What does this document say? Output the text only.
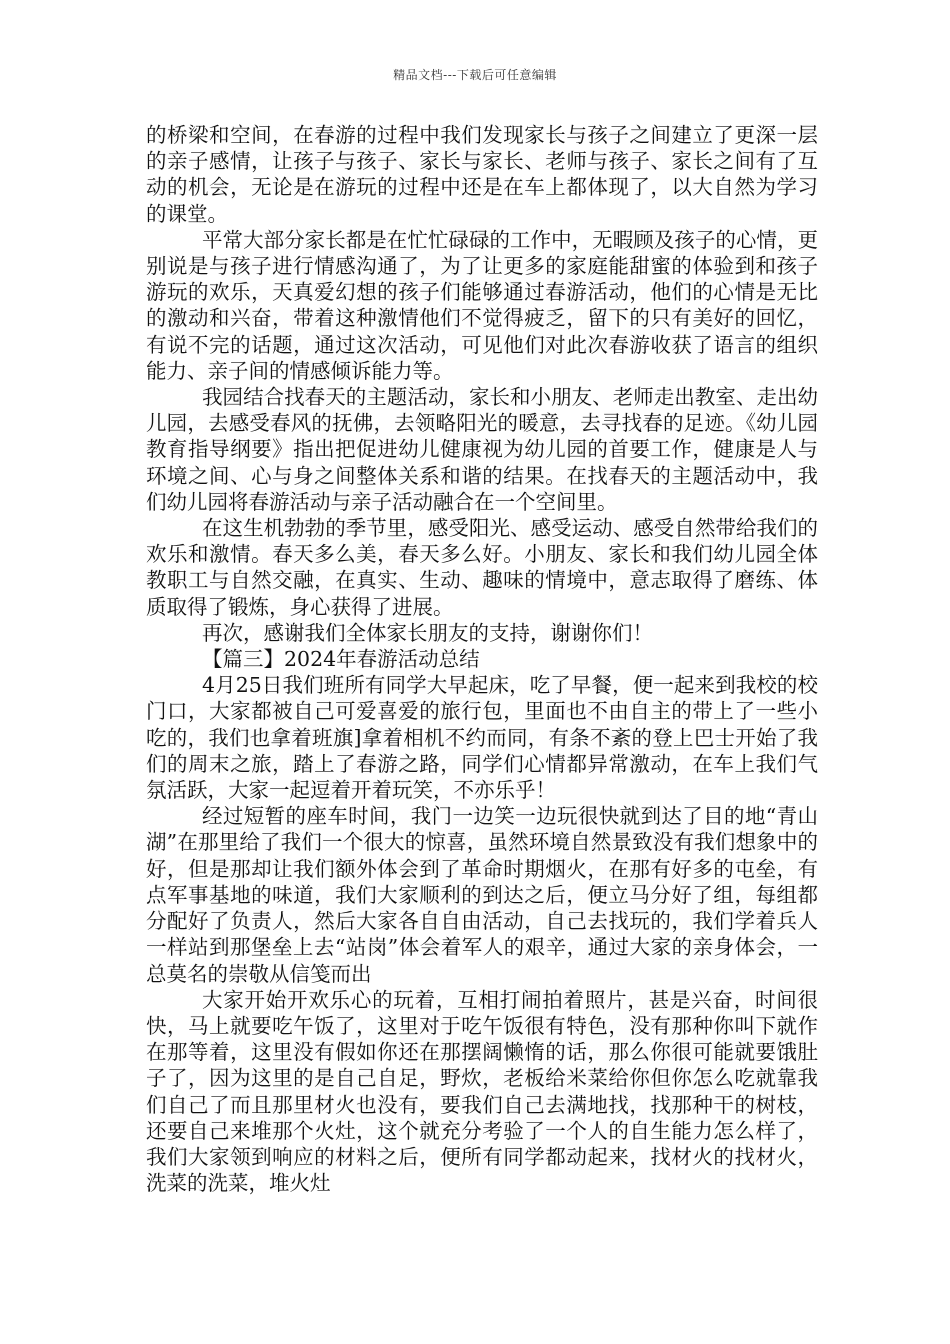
精品文档---下载后可任意编辑

的桥梁和空间，在春游的过程中我们发现家长与孩子之间建立了更深一层的亲子感情，让孩子与孩子、家长与家长、老师与孩子、家长之间有了互动的机会，无论是在游玩的过程中还是在车上都体现了，以大自然为学习的课堂。

平常大部分家长都是在忙忙碌碌的工作中，无暇顾及孩子的心情，更别说是与孩子进行情感沟通了，为了让更多的家庭能甜蜜的体验到和孩子游玩的欢乐，天真爱幻想的孩子们能够通过春游活动，他们的心情是无比的激动和兴奋，带着这种激情他们不觉得疲乏，留下的只有美好的回忆，有说不完的话题，通过这次活动，可见他们对此次春游收获了语言的组织能力、亲子间的情感倾诉能力等。

我园结合找春天的主题活动，家长和小朋友、老师走出教室、走出幼儿园，去感受春风的抚佛，去领略阳光的暖意，去寻找春的足迹。《幼儿园教育指导纲要》指出把促进幼儿健康视为幼儿园的首要工作，健康是人与环境之间、心与身之间整体关系和谐的结果。在找春天的主题活动中，我们幼儿园将春游活动与亲子活动融合在一个空间里。

在这生机勃勃的季节里，感受阳光、感受运动、感受自然带给我们的欢乐和激情。春天多么美，春天多么好。小朋友、家长和我们幼儿园全体教职工与自然交融，在真实、生动、趣味的情境中，意志取得了磨练、体质取得了锻炼，身心获得了进展。

再次，感谢我们全体家长朋友的支持，谢谢你们！

【篇三】2024年春游活动总结

4月25日我们班所有同学大早起床，吃了早餐，便一起来到我校的校门口，大家都被自己可爱喜爱的旅行包，里面也不由自主的带上了一些小吃的，我们也拿着班旗]拿着相机不约而同，有条不紊的登上巴士开始了我们的周末之旅，踏上了春游之路，同学们心情都异常激动，在车上我们气氛活跃，大家一起逗着开着玩笑，不亦乐乎！

经过短暂的座车时间，我门一边笑一边玩很快就到达了目的地“青山湖”在那里给了我们一个很大的惊喜，虽然环境自然景致没有我们想象中的好，但是那却让我们额外体会到了革命时期烟火，在那有好多的屯垒，有点军事基地的味道，我们大家顺利的到达之后，便立马分好了组，每组都分配好了负责人，然后大家各自自由活动，自己去找玩的，我们学着兵人一样站到那堡垒上去“站岗”体会着军人的艰辛，通过大家的亲身体会，一总莫名的崇敬从信笺而出

大家开始开欢乐心的玩着，互相打闹拍着照片，甚是兴奋，时间很快，马上就要吃午饭了，这里对于吃午饭很有特色，没有那种你叫下就作在那等着，这里没有假如你还在那摆阔懒惰的话，那么你很可能就要饿肚子了，因为这里的是自己自足，野炊，老板给米菜给你但你怎么吃就靠我们自己了而且那里材火也没有，要我们自己去满地找，找那种干的树枝，还要自己来堆那个火灶，这个就充分考验了一个人的自生能力怎么样了，我们大家领到响应的材料之后，便所有同学都动起来，找材火的找材火，洗菜的洗菜，堆火灶
